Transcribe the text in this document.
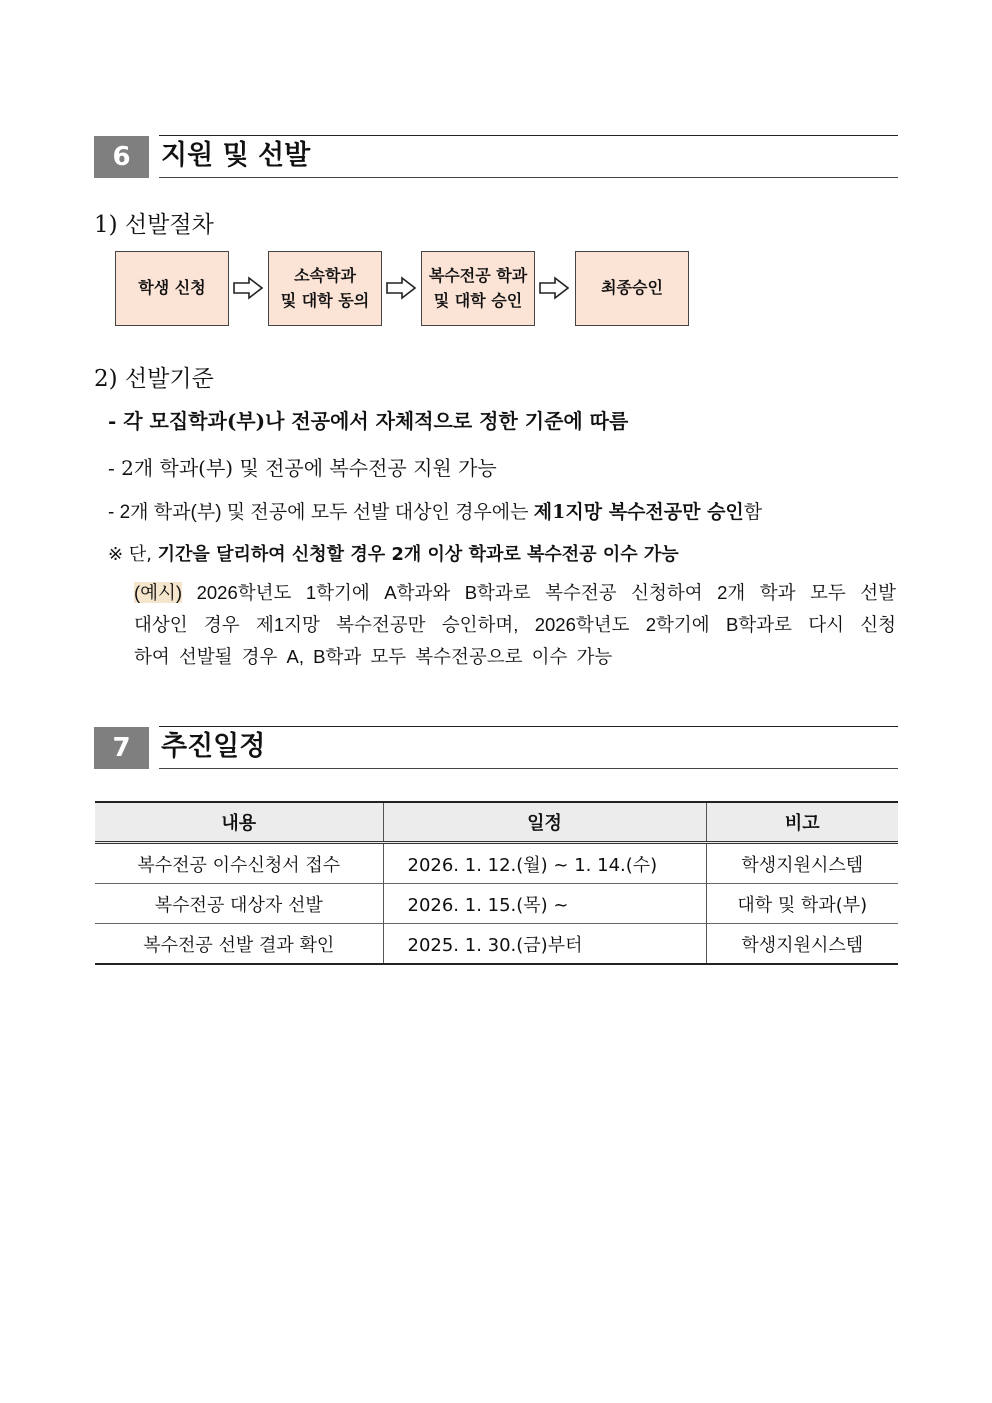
6 지원 및 선발
1) 선발절차
학생 신청
소속학과
및 대학 동의
복수전공 학과
및 대학 승인
최종승인
2) 선발기준
- 각 모집학과(부)나 전공에서 자체적으로 정한 기준에 따름
- 2개 학과(부) 및 전공에 복수전공 지원 가능
- 2개 학과(부) 및 전공에 모두 선발 대상인 경우에는 제1지망 복수전공만 승인함
※ 단, 기간을 달리하여 신청할 경우 2개 이상 학과로 복수전공 이수 가능
(예시) 2026학년도 1학기에 A학과와 B학과로 복수전공 신청하여 2개 학과 모두 선발
대상인 경우 제1지망 복수전공만 승인하며, 2026학년도 2학기에 B학과로 다시 신청
하여 선발될 경우 A, B학과 모두 복수전공으로 이수 가능
7 추진일정
내용	일정	비고
복수전공 이수신청서 접수	2026. 1. 12.(월) ~ 1. 14.(수)	학생지원시스템
복수전공 대상자 선발	2026. 1. 15.(목) ~	대학 및 학과(부)
복수전공 선발 결과 확인	2025. 1. 30.(금)부터	학생지원시스템
